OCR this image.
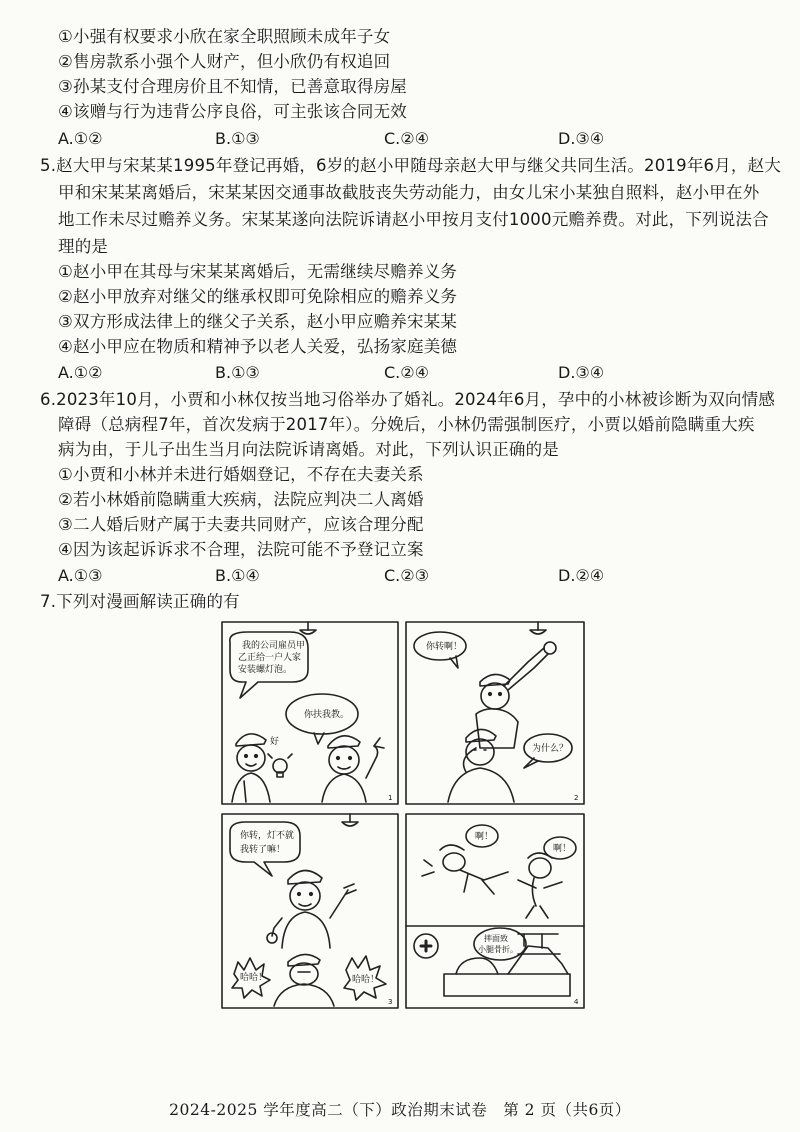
①小强有权要求小欣在家全职照顾未成年子女
②售房款系小强个人财产，但小欣仍有权追回
③孙某支付合理房价且不知情，已善意取得房屋
④该赠与行为违背公序良俗，可主张该合同无效
A.①②	B.①③	C.②④	D.③④
5.赵大甲与宋某某1995年登记再婚，6岁的赵小甲随母亲赵大甲与继父共同生活。2019年6月，赵大
甲和宋某某离婚后，宋某某因交通事故截肢丧失劳动能力，由女儿宋小某独自照料，赵小甲在外
地工作未尽过赡养义务。宋某某遂向法院诉请赵小甲按月支付1000元赡养费。对此，下列说法合
理的是
①赵小甲在其母与宋某某离婚后，无需继续尽赡养义务
②赵小甲放弃对继父的继承权即可免除相应的赡养义务
③双方形成法律上的继父子关系，赵小甲应赡养宋某某
④赵小甲应在物质和精神予以老人关爱，弘扬家庭美德
A.①②	B.①③	C.②④	D.③④
6.2023年10月，小贾和小林仅按当地习俗举办了婚礼。2024年6月，孕中的小林被诊断为双向情感
障碍（总病程7年，首次发病于2017年）。分娩后，小林仍需强制医疗，小贾以婚前隐瞒重大疾
病为由，于儿子出生当月向法院诉请离婚。对此，下列认识正确的是
①小贾和小林并未进行婚姻登记，不存在夫妻关系
②若小林婚前隐瞒重大疾病，法院应判决二人离婚
③二人婚后财产属于夫妻共同财产，应该合理分配
④因为该起诉诉求不合理，法院可能不予登记立案
A.①③	B.①④	C.②③	D.②④
7.下列对漫画解读正确的有
我的公司雇员甲
乙正给一户人家
安装螺灯泡。
你扶我教。
好
1
你转啊！
为什么？
2
你转，灯不就
我转了嘛！
哈哈！	哈哈！
3
啊！
啊！
摔面致
小腿骨折。
4
2024-2025 学年度高二（下）政治期末试卷　第 2 页（共6页）
